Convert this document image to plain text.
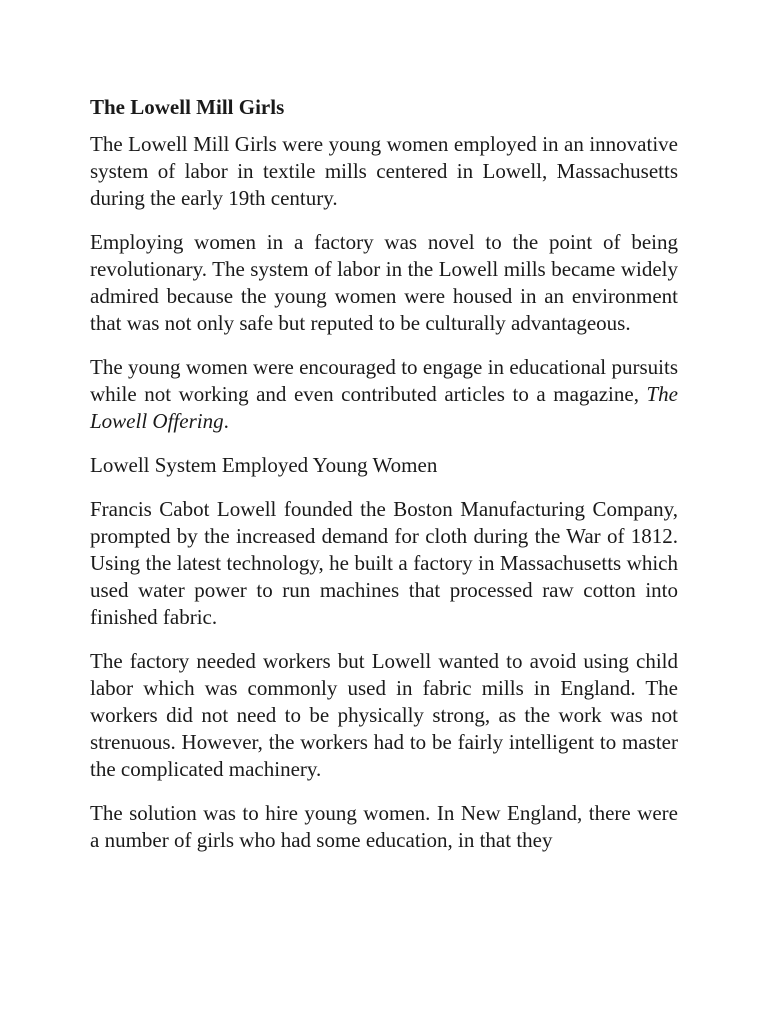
The Lowell Mill Girls

The Lowell Mill Girls were young women employed in an innovative system of labor in textile mills centered in Lowell, Massachusetts during the early 19th century.

Employing women in a factory was novel to the point of being revolutionary. The system of labor in the Lowell mills became widely admired because the young women were housed in an environment that was not only safe but reputed to be culturally advantageous.

The young women were encouraged to engage in educational pursuits while not working and even contributed articles to a magazine, The Lowell Offering.

Lowell System Employed Young Women

Francis Cabot Lowell founded the Boston Manufacturing Company, prompted by the increased demand for cloth during the War of 1812. Using the latest technology, he built a factory in Massachusetts which used water power to run machines that processed raw cotton into finished fabric.

The factory needed workers but Lowell wanted to avoid using child labor which was commonly used in fabric mills in England. The workers did not need to be physically strong, as the work was not strenuous. However, the workers had to be fairly intelligent to master the complicated machinery.

The solution was to hire young women. In New England, there were a number of girls who had some education, in that they
